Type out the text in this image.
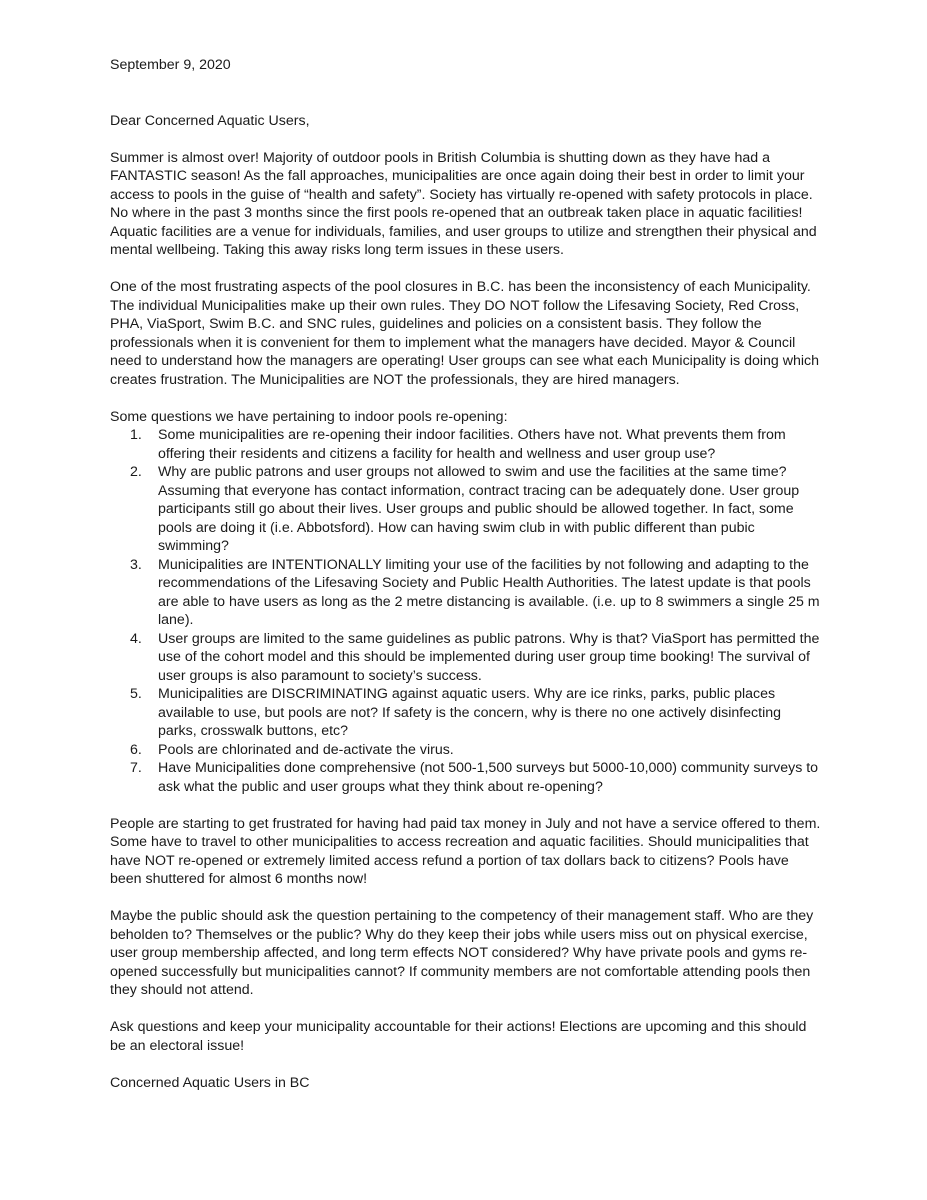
September 9, 2020

Dear Concerned Aquatic Users,

Summer is almost over! Majority of outdoor pools in British Columbia is shutting down as they have had a FANTASTIC season! As the fall approaches, municipalities are once again doing their best in order to limit your access to pools in the guise of “health and safety”. Society has virtually re-opened with safety protocols in place. No where in the past 3 months since the first pools re-opened that an outbreak taken place in aquatic facilities! Aquatic facilities are a venue for individuals, families, and user groups to utilize and strengthen their physical and mental wellbeing. Taking this away risks long term issues in these users.

One of the most frustrating aspects of the pool closures in B.C. has been the inconsistency of each Municipality. The individual Municipalities make up their own rules. They DO NOT follow the Lifesaving Society, Red Cross, PHA, ViaSport, Swim B.C. and SNC rules, guidelines and policies on a consistent basis. They follow the professionals when it is convenient for them to implement what the managers have decided. Mayor & Council need to understand how the managers are operating! User groups can see what each Municipality is doing which creates frustration. The Municipalities are NOT the professionals, they are hired managers.

Some questions we have pertaining to indoor pools re-opening:

Some municipalities are re-opening their indoor facilities. Others have not. What prevents them from offering their residents and citizens a facility for health and wellness and user group use?
Why are public patrons and user groups not allowed to swim and use the facilities at the same time? Assuming that everyone has contact information, contract tracing can be adequately done. User group participants still go about their lives. User groups and public should be allowed together. In fact, some pools are doing it (i.e. Abbotsford). How can having swim club in with public different than pubic swimming?
Municipalities are INTENTIONALLY limiting your use of the facilities by not following and adapting to the recommendations of the Lifesaving Society and Public Health Authorities. The latest update is that pools are able to have users as long as the 2 metre distancing is available. (i.e. up to 8 swimmers a single 25 m lane).
User groups are limited to the same guidelines as public patrons. Why is that? ViaSport has permitted the use of the cohort model and this should be implemented during user group time booking! The survival of user groups is also paramount to society’s success.
Municipalities are DISCRIMINATING against aquatic users. Why are ice rinks, parks, public places available to use, but pools are not? If safety is the concern, why is there no one actively disinfecting parks, crosswalk buttons, etc?
Pools are chlorinated and de-activate the virus.
Have Municipalities done comprehensive (not 500-1,500 surveys but 5000-10,000) community surveys to ask what the public and user groups what they think about re-opening?

People are starting to get frustrated for having had paid tax money in July and not have a service offered to them. Some have to travel to other municipalities to access recreation and aquatic facilities. Should municipalities that have NOT re-opened or extremely limited access refund a portion of tax dollars back to citizens? Pools have been shuttered for almost 6 months now!

Maybe the public should ask the question pertaining to the competency of their management staff. Who are they beholden to? Themselves or the public? Why do they keep their jobs while users miss out on physical exercise, user group membership affected, and long term effects NOT considered? Why have private pools and gyms re-opened successfully but municipalities cannot? If community members are not comfortable attending pools then they should not attend.

Ask questions and keep your municipality accountable for their actions! Elections are upcoming and this should be an electoral issue!

Concerned Aquatic Users in BC
